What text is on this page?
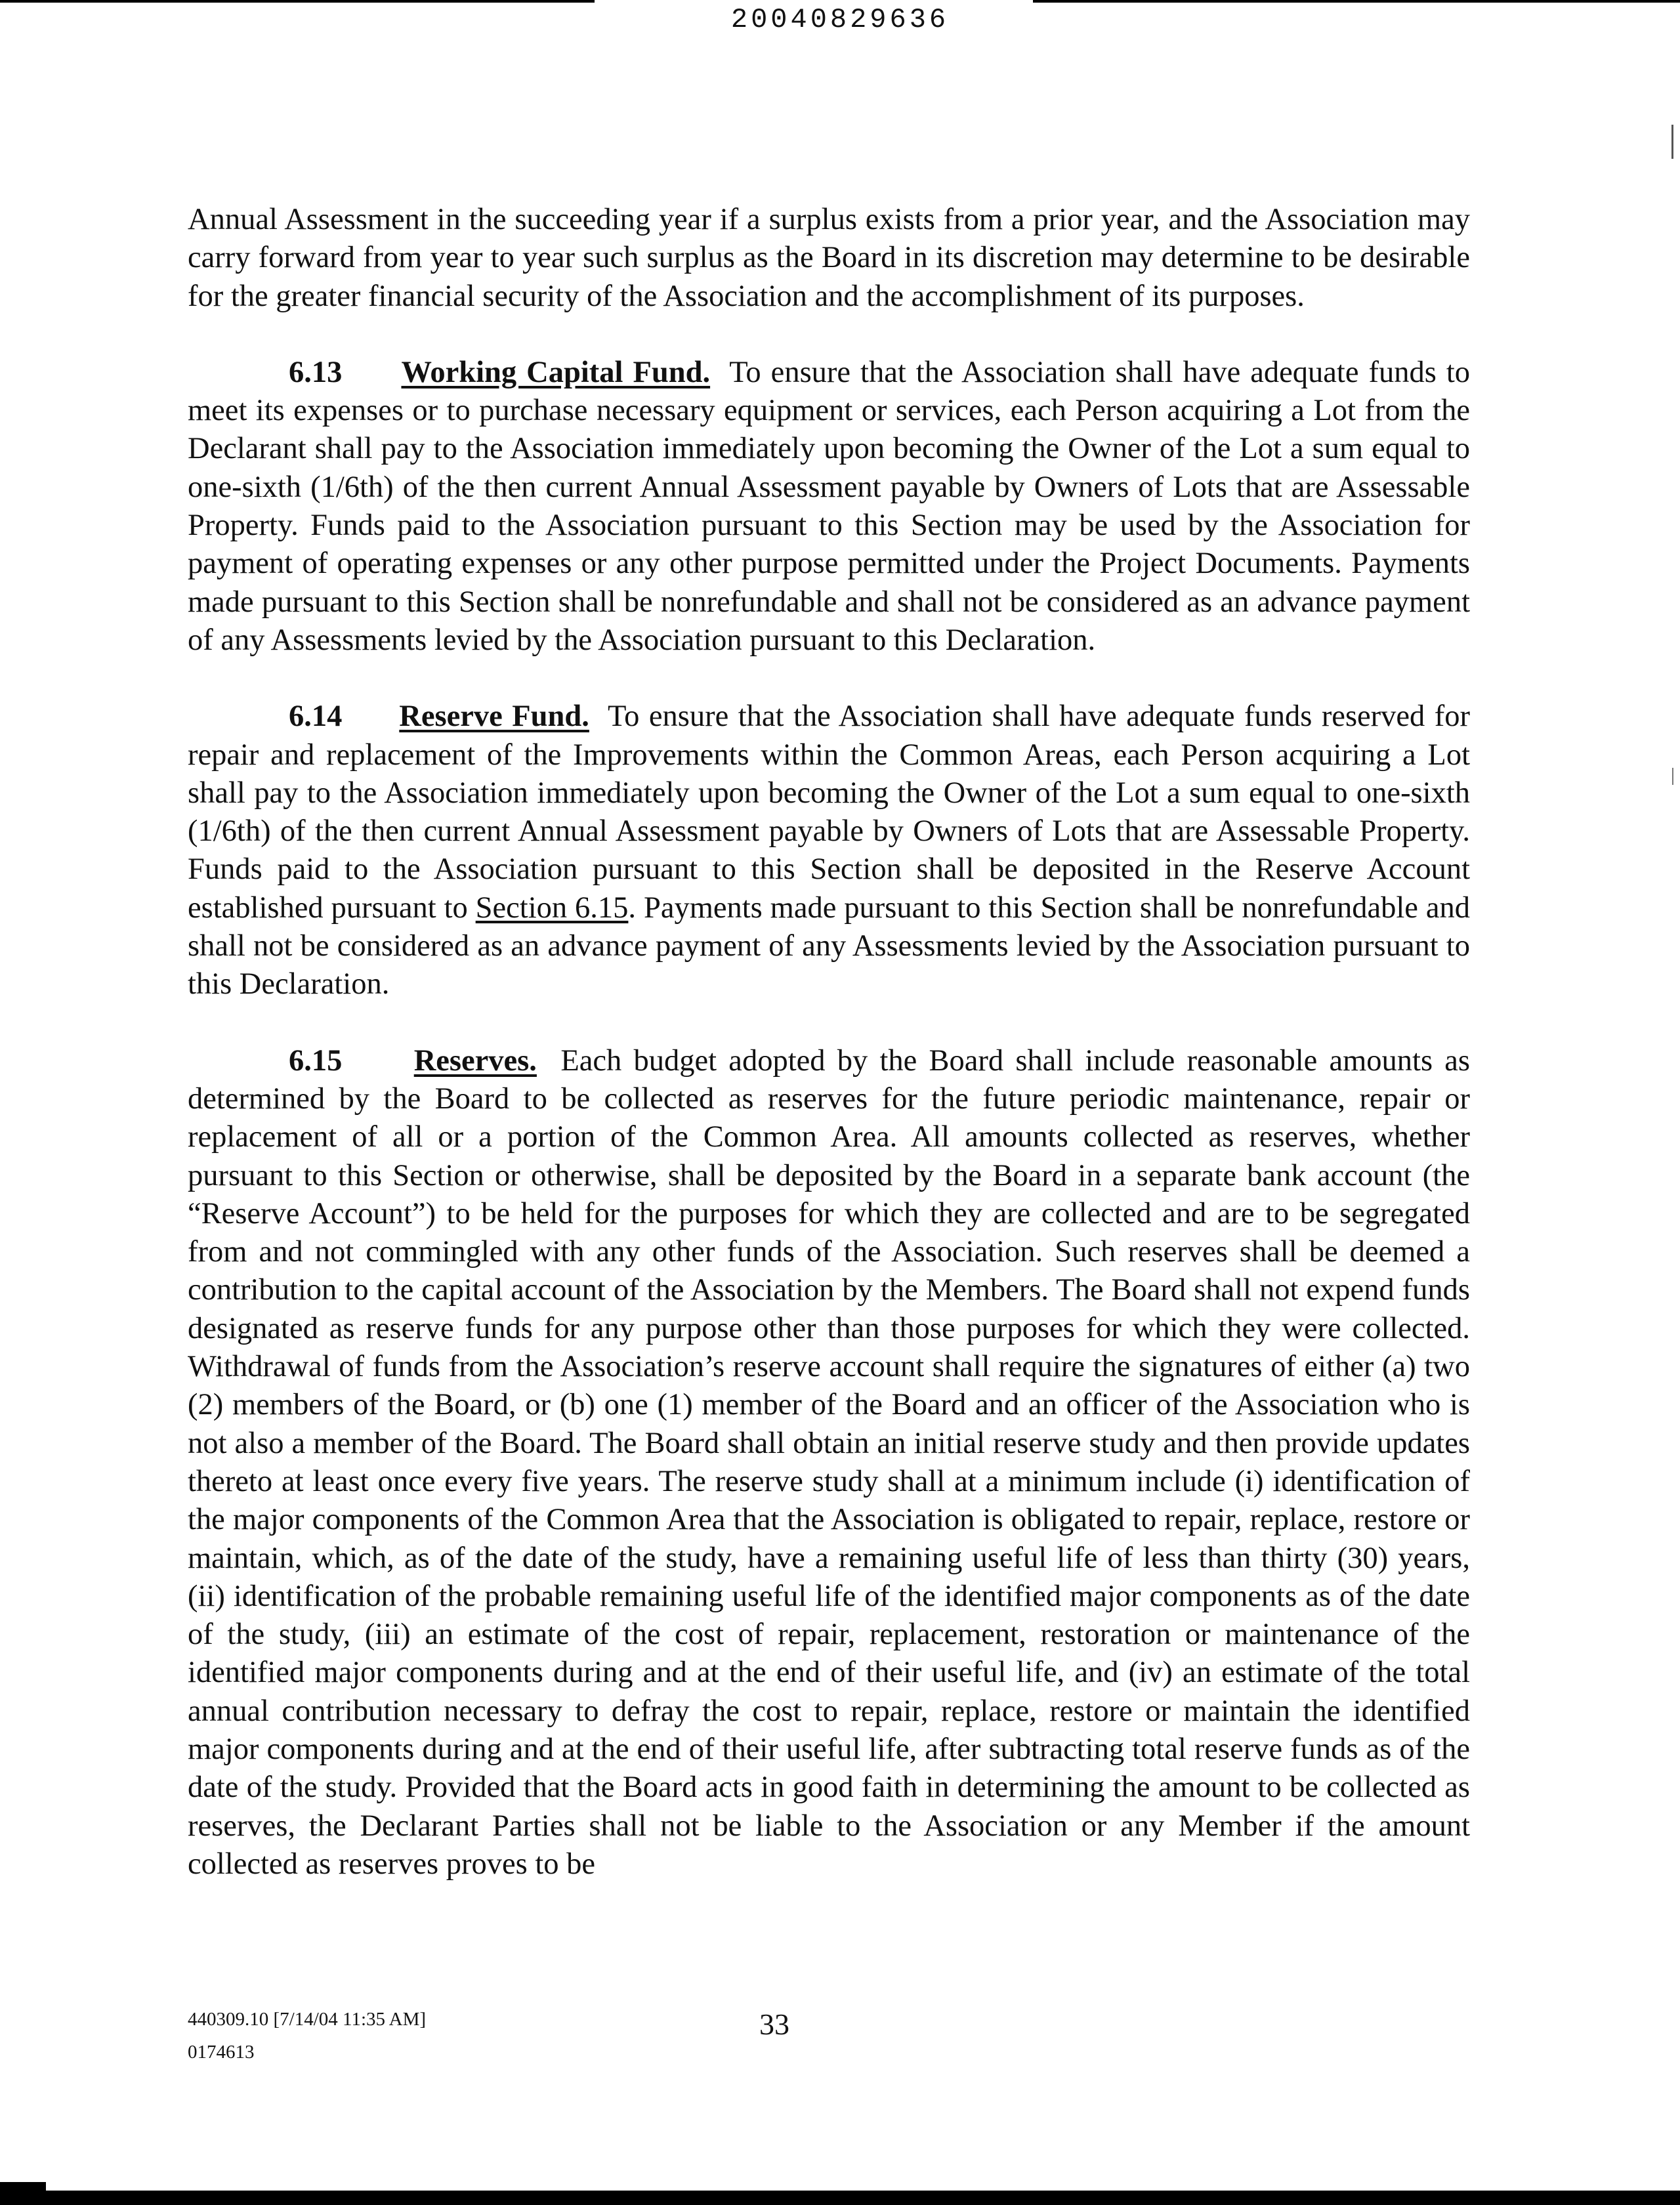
20040829636

Annual Assessment in the succeeding year if a surplus exists from a prior year, and the Association may carry forward from year to year such surplus as the Board in its discretion may determine to be desirable for the greater financial security of the Association and the accomplishment of its purposes.

6.13 Working Capital Fund. To ensure that the Association shall have adequate funds to meet its expenses or to purchase necessary equipment or services, each Person acquiring a Lot from the Declarant shall pay to the Association immediately upon becoming the Owner of the Lot a sum equal to one-sixth (1/6th) of the then current Annual Assessment payable by Owners of Lots that are Assessable Property. Funds paid to the Association pursuant to this Section may be used by the Association for payment of operating expenses or any other purpose permitted under the Project Documents. Payments made pursuant to this Section shall be nonrefundable and shall not be considered as an advance payment of any Assessments levied by the Association pursuant to this Declaration.

6.14 Reserve Fund. To ensure that the Association shall have adequate funds reserved for repair and replacement of the Improvements within the Common Areas, each Person acquiring a Lot shall pay to the Association immediately upon becoming the Owner of the Lot a sum equal to one-sixth (1/6th) of the then current Annual Assessment payable by Owners of Lots that are Assessable Property. Funds paid to the Association pursuant to this Section shall be deposited in the Reserve Account established pursuant to Section 6.15. Payments made pursuant to this Section shall be nonrefundable and shall not be considered as an advance payment of any Assessments levied by the Association pursuant to this Declaration.

6.15 Reserves. Each budget adopted by the Board shall include reasonable amounts as determined by the Board to be collected as reserves for the future periodic maintenance, repair or replacement of all or a portion of the Common Area. All amounts collected as reserves, whether pursuant to this Section or otherwise, shall be deposited by the Board in a separate bank account (the “Reserve Account”) to be held for the purposes for which they are collected and are to be segregated from and not commingled with any other funds of the Association. Such reserves shall be deemed a contribution to the capital account of the Association by the Members. The Board shall not expend funds designated as reserve funds for any purpose other than those purposes for which they were collected. Withdrawal of funds from the Association’s reserve account shall require the signatures of either (a) two (2) members of the Board, or (b) one (1) member of the Board and an officer of the Association who is not also a member of the Board. The Board shall obtain an initial reserve study and then provide updates thereto at least once every five years. The reserve study shall at a minimum include (i) identification of the major components of the Common Area that the Association is obligated to repair, replace, restore or maintain, which, as of the date of the study, have a remaining useful life of less than thirty (30) years, (ii) identification of the probable remaining useful life of the identified major components as of the date of the study, (iii) an estimate of the cost of repair, replacement, restoration or maintenance of the identified major components during and at the end of their useful life, and (iv) an estimate of the total annual contribution necessary to defray the cost to repair, replace, restore or maintain the identified major components during and at the end of their useful life, after subtracting total reserve funds as of the date of the study. Provided that the Board acts in good faith in determining the amount to be collected as reserves, the Declarant Parties shall not be liable to the Association or any Member if the amount collected as reserves proves to be

440309.10 [7/14/04 11:35 AM]
0174613
33
